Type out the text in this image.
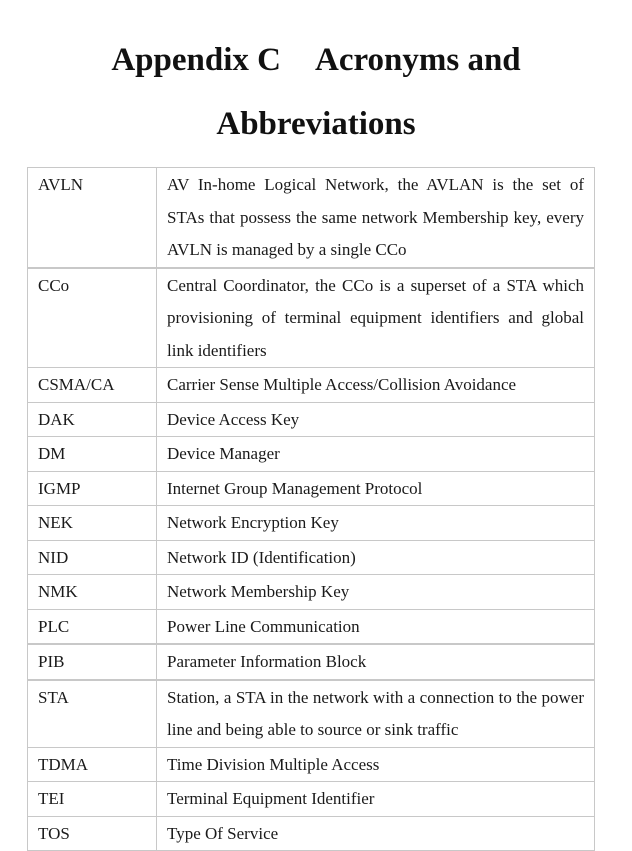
Appendix C Acronyms and
Abbreviations
AVLN	AV In-home Logical Network, the AVLAN is the set of STAs that possess the same network Membership key, every AVLN is managed by a single CCo
CCo	Central Coordinator, the CCo is a superset of a STA which provisioning of terminal equipment identifiers and global link identifiers
CSMA/CA	Carrier Sense Multiple Access/Collision Avoidance
DAK	Device Access Key
DM	Device Manager
IGMP	Internet Group Management Protocol
NEK	Network Encryption Key
NID	Network ID (Identification)
NMK	Network Membership Key
PLC	Power Line Communication
PIB	Parameter Information Block
STA	Station, a STA in the network with a connection to the power line and being able to source or sink traffic
TDMA	Time Division Multiple Access
TEI	Terminal Equipment Identifier
TOS	Type Of Service
